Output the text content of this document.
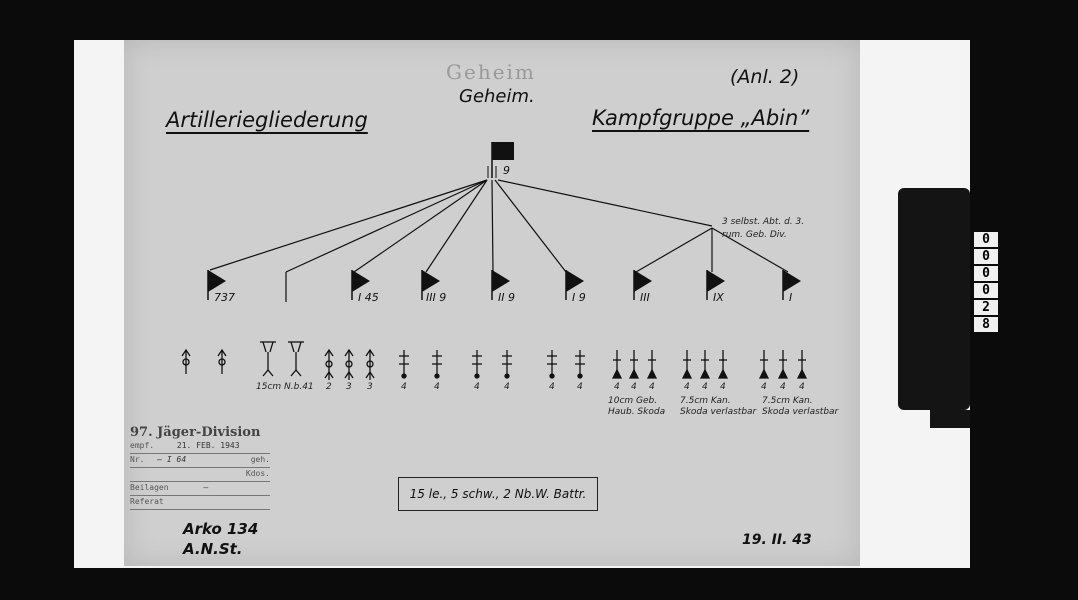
0
0
0
0
2
8
Geheim
Geheim.
(Anl. 2)
Artilleriegliederung	Kampfgruppe „Abin”
9
3 selbst. Abt. d. 3. rum. Geb. Div.
737	I 45	III 9	II 9	I 9	III	IX	I
2 3 3	4	4	4	4	4 4	4 4 4	4 4 4	4 4 4
15cm N.b.41
10cm Geb. Haub. Skoda
7.5cm Kan. Skoda verlastbar
7.5cm Kan. Skoda verlastbar
15 le., 5 schw., 2 Nb.W. Battr.
97. Jäger-Division
empf.	21. FEB. 1943
Nr. — I 64	geh.
Kdos.
Beilagen	—
Referat
Arko 134
A.N.St.	19. II. 43
